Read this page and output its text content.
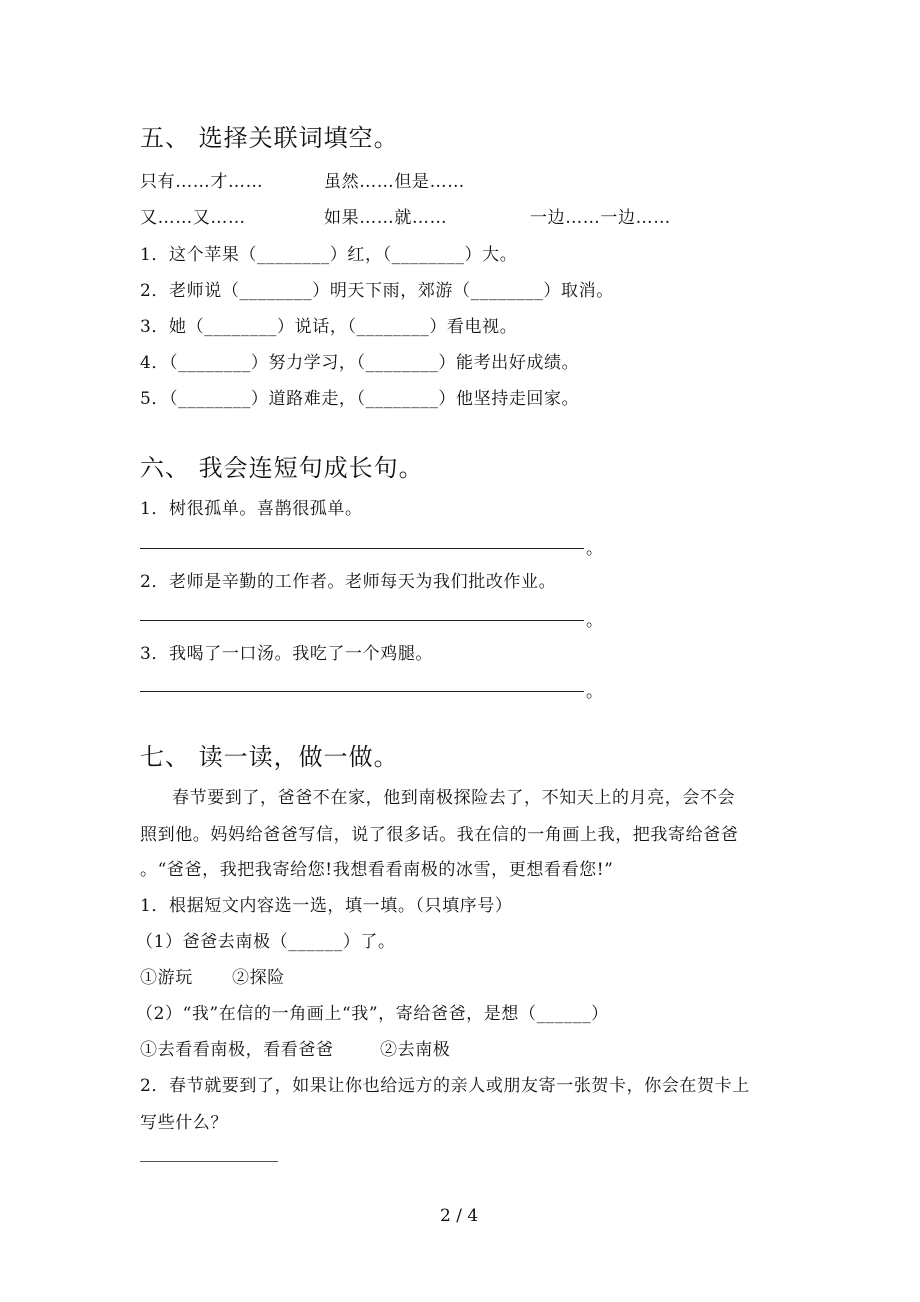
五、 选择关联词填空。
只有……才……	虽然……但是……
又……又……	如果……就……	一边……一边……
1．这个苹果（________）红，（________）大。
2．老师说（________）明天下雨，郊游（________）取消。
3．她（________）说话，（________）看电视。
4．（________）努力学习，（________）能考出好成绩。
5．（________）道路难走，（________）他坚持走回家。
六、 我会连短句成长句。
1．树很孤单。喜鹊很孤单。
。
2．老师是辛勤的工作者。老师每天为我们批改作业。
。
3．我喝了一口汤。我吃了一个鸡腿。
。
七、 读一读，做一做。
春节要到了，爸爸不在家，他到南极探险去了，不知天上的月亮，会不会
照到他。妈妈给爸爸写信，说了很多话。我在信的一角画上我，把我寄给爸爸
。“爸爸，我把我寄给您!我想看看南极的冰雪，更想看看您!”
1．根据短文内容选一选，填一填。（只填序号）
（1）爸爸去南极（______）了。
①游玩 ②探险
（2）“我”在信的一角画上“我”，寄给爸爸，是想（______）
①去看看南极，看看爸爸	②去南极
2．春节就要到了，如果让你也给远方的亲人或朋友寄一张贺卡，你会在贺卡上
写些什么？
2 / 4
